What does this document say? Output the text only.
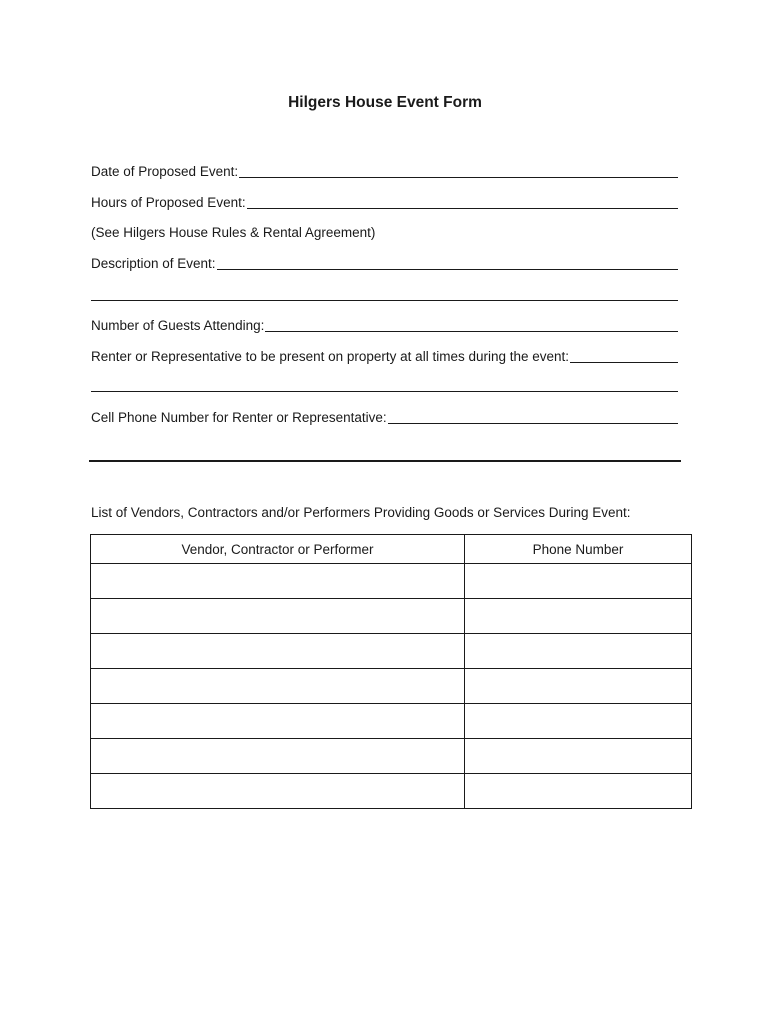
Hilgers House Event Form
Date of Proposed Event:
Hours of Proposed Event:
(See Hilgers House Rules & Rental Agreement)
Description of Event:
Number of Guests Attending:
Renter or Representative to be present on property at all times during the event:
Cell Phone Number for Renter or Representative:
List of Vendors, Contractors and/or Performers Providing Goods or Services During Event:
Vendor, Contractor or Performer	Phone Number
